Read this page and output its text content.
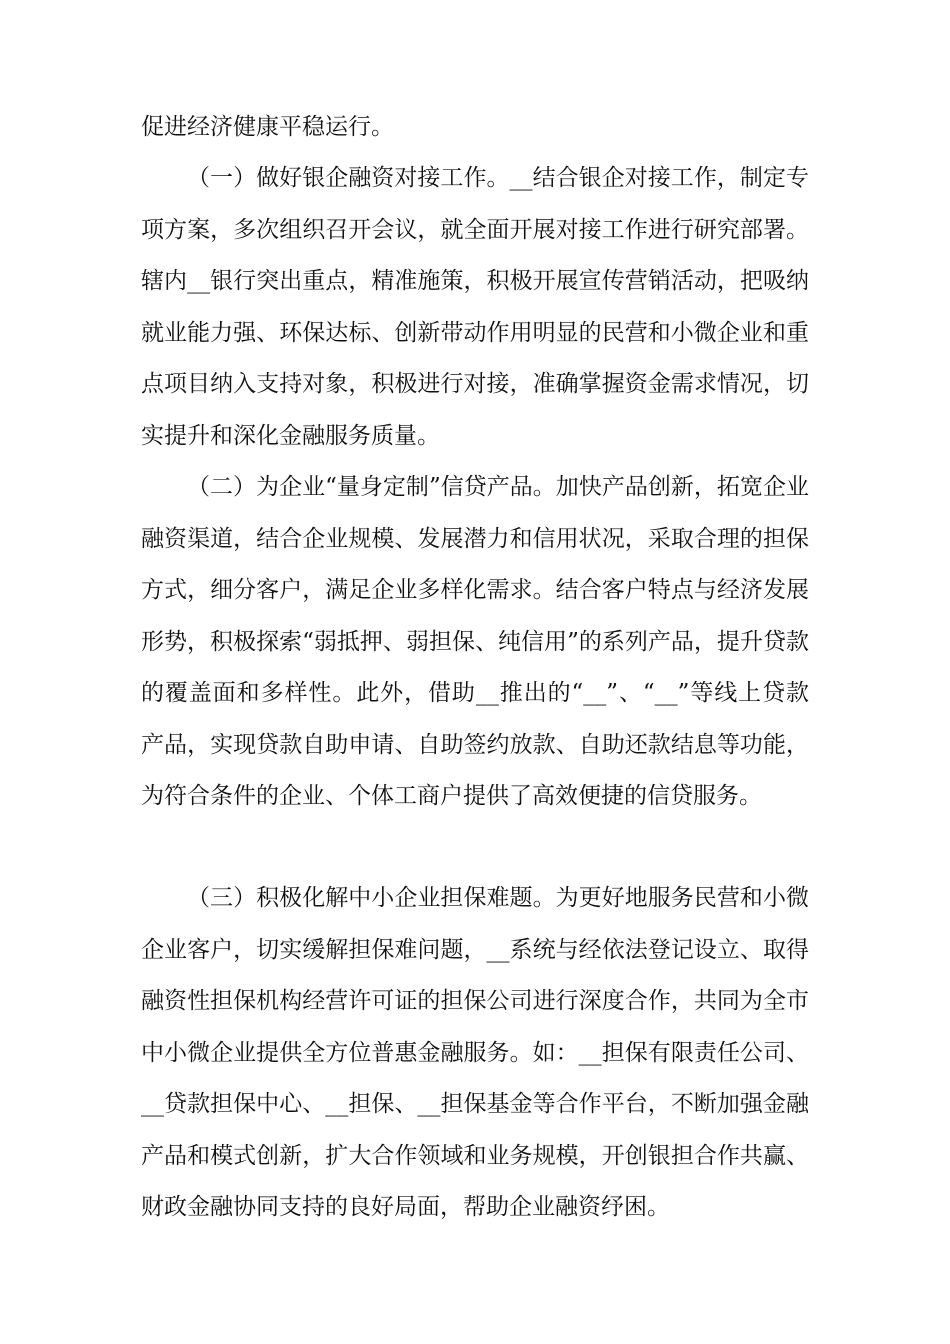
促进经济健康平稳运行。

（一）做好银企融资对接工作。__结合银企对接工作，制定专项方案，多次组织召开会议，就全面开展对接工作进行研究部署。辖内__银行突出重点，精准施策，积极开展宣传营销活动，把吸纳就业能力强、环保达标、创新带动作用明显的民营和小微企业和重点项目纳入支持对象，积极进行对接，准确掌握资金需求情况，切实提升和深化金融服务质量。

（二）为企业“量身定制”信贷产品。加快产品创新，拓宽企业融资渠道，结合企业规模、发展潜力和信用状况，采取合理的担保方式，细分客户，满足企业多样化需求。结合客户特点与经济发展形势，积极探索“弱抵押、弱担保、纯信用”的系列产品，提升贷款的覆盖面和多样性。此外，借助__推出的“__”、“__”等线上贷款产品，实现贷款自助申请、自助签约放款、自助还款结息等功能，为符合条件的企业、个体工商户提供了高效便捷的信贷服务。

（三）积极化解中小企业担保难题。为更好地服务民营和小微企业客户，切实缓解担保难问题，__系统与经依法登记设立、取得融资性担保机构经营许可证的担保公司进行深度合作，共同为全市中小微企业提供全方位普惠金融服务。如：__担保有限责任公司、__贷款担保中心、__担保、__担保基金等合作平台，不断加强金融产品和模式创新，扩大合作领域和业务规模，开创银担合作共赢、财政金融协同支持的良好局面，帮助企业融资纾困。
